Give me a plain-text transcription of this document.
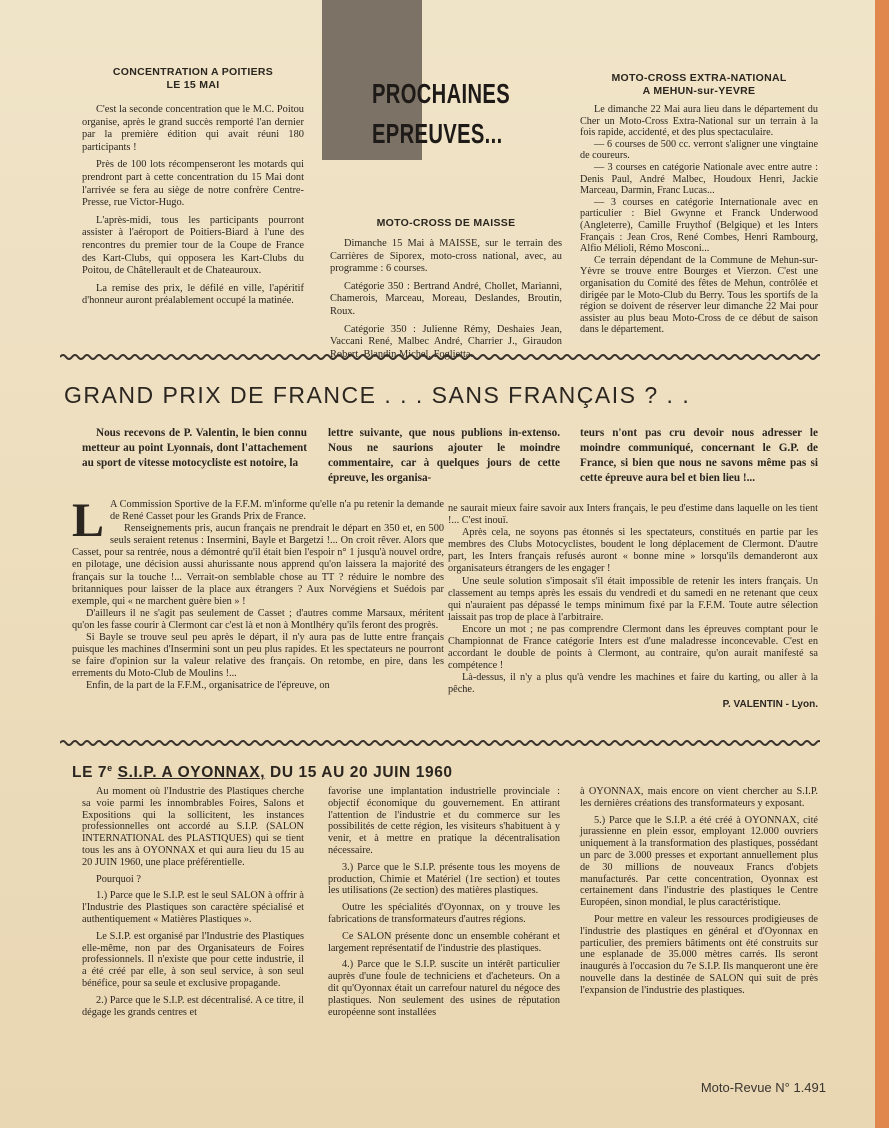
PROCHAINES
EPREUVES...
CONCENTRATION A POITIERS
LE 15 MAI

C'est la seconde concentration que le M.C. Poitou organise, après le grand succès remporté l'an dernier par la première édition qui avait réuni 180 participants !

Près de 100 lots récompenseront les motards qui prendront part à cette concentration du 15 Mai dont l'arrivée se fera au siège de notre confrère Centre-Presse, rue Victor-Hugo.

L'après-midi, tous les participants pourront assister à l'aéroport de Poitiers-Biard à l'une des rencontres du premier tour de la Coupe de France des Kart-Clubs, qui opposera les Kart-Clubs du Poitou, de Châtellerault et de Chateauroux.

La remise des prix, le défilé en ville, l'apéritif d'honneur auront préalablement occupé la matinée.

MOTO-CROSS DE MAISSE

Dimanche 15 Mai à MAISSE, sur le terrain des Carrières de Siporex, moto-cross national, avec, au programme : 6 courses.

Catégorie 350 : Bertrand André, Chollet, Marianni, Chamerois, Marceau, Moreau, Deslandes, Broutin, Roux.

Catégorie 350 : Julienne Rémy, Deshaies Jean, Vaccani René, Malbec André, Charrier J., Giraudon Robert, Blandin Michel, Foglietta.

MOTO-CROSS EXTRA-NATIONAL
A MEHUN-sur-YEVRE

Le dimanche 22 Mai aura lieu dans le département du Cher un Moto-Cross Extra-National sur un terrain à la fois rapide, accidenté, et des plus spectaculaire.

— 6 courses de 500 cc. verront s'aligner une vingtaine de coureurs.

— 3 courses en catégorie Nationale avec entre autre : Denis Paul, André Malbec, Houdoux Henri, Jackie Marceau, Darmin, Franc Lucas...

— 3 courses en catégorie Internationale avec en particulier : Biel Gwynne et Franck Underwood (Angleterre), Camille Fruythof (Belgique) et les Inters Français : Jean Cros, René Combes, Henri Rambourg, Alfio Mélioli, Rémo Mosconi...

Ce terrain dépendant de la Commune de Mehun-sur-Yèvre se trouve entre Bourges et Vierzon. C'est une organisation du Comité des fêtes de Mehun, contrôlée et dirigée par le Moto-Club du Berry. Tous les sportifs de la région se doivent de réserver leur dimanche 22 Mai pour assister au plus beau Moto-Cross de ce début de saison dans le département.

GRAND PRIX DE FRANCE . . . SANS FRANÇAIS ? . .

Nous recevons de P. Valentin, le bien connu metteur au point Lyonnais, dont l'attachement au sport de vitesse motocycliste est notoire, la

lettre suivante, que nous publions in-extenso. Nous ne saurions ajouter le moindre commentaire, car à quelques jours de cette épreuve, les organisa-

teurs n'ont pas cru devoir nous adresser le moindre communiqué, concernant le G.P. de France, si bien que nous ne savons même pas si cette épreuve aura bel et bien lieu !...

L A Commission Sportive de la F.F.M. m'informe qu'elle n'a pu retenir la demande de René Casset pour les Grands Prix de France.

Renseignements pris, aucun français ne prendrait le départ en 350 et, en 500 seuls seraient retenus : Insermini, Bayle et Bargetzi !... On croit rêver. Alors que Casset, pour sa rentrée, nous a démontré qu'il était bien l'espoir n° 1 jusqu'à nouvel ordre, en pilotage, une décision aussi ahurissante nous apprend qu'on laissera la majorité des français sur la touche !... Verrait-on semblable chose au TT ? réduire le nombre des britanniques pour laisser de la place aux étrangers ? Aux Norvégiens et Suédois par exemple, qui « ne marchent guère bien » !

D'ailleurs il ne s'agit pas seulement de Casset ; d'autres comme Marsaux, méritent qu'on les fasse courir à Clermont car c'est là et non à Montlhéry qu'ils feront des progrès.

Si Bayle se trouve seul peu après le départ, il n'y aura pas de lutte entre français puisque les machines d'Insermini sont un peu plus rapides. Et les spectateurs ne pourront se faire d'opinion sur la valeur relative des français. On retombe, en pire, dans les errements du Moto-Club de Moulins !...

Enfin, de la part de la F.F.M., organisatrice de l'épreuve, on

ne saurait mieux faire savoir aux Inters français, le peu d'estime dans laquelle on les tient !... C'est inouï.

Après cela, ne soyons pas étonnés si les spectateurs, constitués en partie par les membres des Clubs Motocyclistes, boudent le long déplacement de Clermont. D'autre part, les Inters français refusés auront « bonne mine » lorsqu'ils demanderont aux organisateurs étrangers de les engager !

Une seule solution s'imposait s'il était impossible de retenir les inters français. Un classement au temps après les essais du vendredi et du samedi en ne retenant que ceux qui n'auraient pas dépassé le temps minimum fixé par la F.F.M. Toute autre sélection laissait pas trop de place à l'arbitraire.

Encore un mot ; ne pas comprendre Clermont dans les épreuves comptant pour le Championnat de France catégorie Inters est d'une maladresse inconcevable. C'est en accordant le double de points à Clermont, au contraire, qu'on aurait manifesté sa compétence !

Là-dessus, il n'y a plus qu'à vendre les machines et faire du karting, ou aller à la pêche.

P. VALENTIN - Lyon.
LE 7e S.I.P. A OYONNAX, DU 15 AU 20 JUIN 1960

Au moment où l'Industrie des Plastiques cherche sa voie parmi les innombrables Foires, Salons et Expositions qui la sollicitent, les instances professionnelles ont accordé au S.I.P. (SALON INTERNATIONAL des PLASTIQUES) qui se tient tous les ans à OYONNAX et qui aura lieu du 15 au 20 JUIN 1960, une place préférentielle.

Pourquoi ?

1.) Parce que le S.I.P. est le seul SALON à offrir à l'Industrie des Plastiques son caractère spécialisé et authentiquement « Matières Plastiques ».

Le S.I.P. est organisé par l'Industrie des Plastiques elle-même, non par des Organisateurs de Foires professionnels. Il n'existe que pour cette industrie, il a été créé par elle, à son seul service, à son seul bénéfice, pour sa seule et exclusive propagande.

2.) Parce que le S.I.P. est décentralisé. A ce titre, il dégage les grands centres et

favorise une implantation industrielle provinciale : objectif économique du gouvernement. En attirant l'attention de l'industrie et du commerce sur les possibilités de cette région, les visiteurs s'habituent à y venir, et à mettre en pratique la décentralisation nécessaire.

3.) Parce que le S.I.P. présente tous les moyens de production, Chimie et Matériel (1re section) et toutes les utilisations (2e section) des matières plastiques.

Outre les spécialités d'Oyonnax, on y trouve les fabrications de transformateurs d'autres régions.

Ce SALON présente donc un ensemble cohérant et largement représentatif de l'industrie des plastiques.

4.) Parce que le S.I.P. suscite un intérêt particulier auprès d'une foule de techniciens et d'acheteurs. On a dit qu'Oyonnax était un carrefour naturel du négoce des plastiques. Non seulement des usines de réputation européenne sont installées

à OYONNAX, mais encore on vient chercher au S.I.P. les dernières créations des transformateurs y exposant.

5.) Parce que le S.I.P. a été créé à OYONNAX, cité jurassienne en plein essor, employant 12.000 ouvriers uniquement à la transformation des plastiques, possédant un parc de 3.000 presses et exportant annuellement plus de 30 millions de nouveaux Francs d'objets manufacturés. Par cette concentration, Oyonnax est certainement dans l'industrie des plastiques le Centre Européen, sinon mondial, le plus caractéristique.

Pour mettre en valeur les ressources prodigieuses de l'industrie des plastiques en général et d'Oyonnax en particulier, des premiers bâtiments ont été construits sur une esplanade de 35.000 mètres carrés. Ils seront inaugurés à l'occasion du 7e S.I.P. Ils manqueront une ère nouvelle dans la destinée de SALON qui suit de près l'expansion de l'industrie des plastiques.

Moto-Revue N° 1.491
